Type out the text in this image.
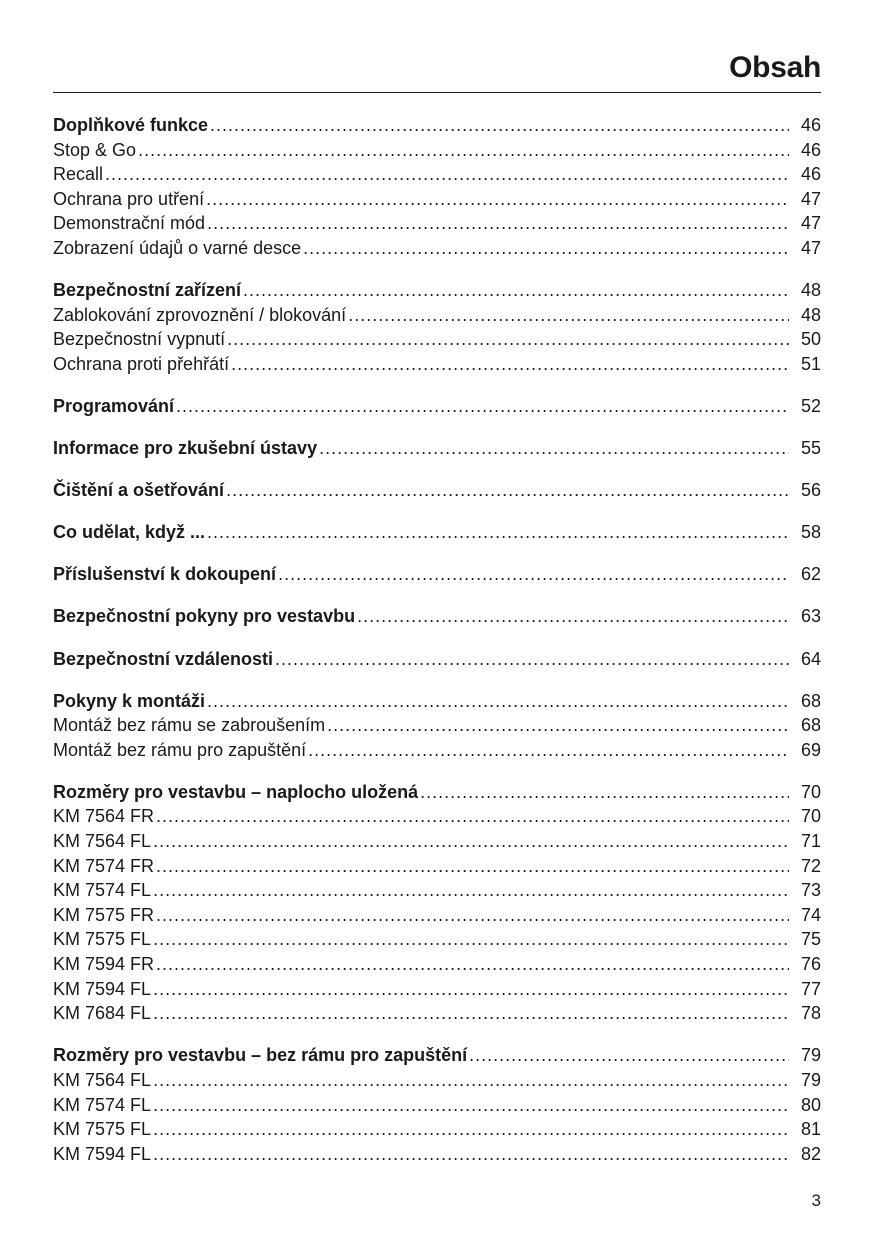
Obsah
Doplňkové funkce .....	46
Stop & Go .....	46
Recall .....	46
Ochrana pro utření .....	47
Demonstrační mód .....	47
Zobrazení údajů o varné desce .....	47
Bezpečnostní zařízení .....	48
Zablokování zprovoznění / blokování .....	48
Bezpečnostní vypnutí .....	50
Ochrana proti přehřátí .....	51
Programování .....	52
Informace pro zkušební ústavy .....	55
Čištění a ošetřování .....	56
Co udělat, když ... .....	58
Příslušenství k dokoupení .....	62
Bezpečnostní pokyny pro vestavbu .....	63
Bezpečnostní vzdálenosti .....	64
Pokyny k montáži .....	68
Montáž bez rámu se zabroušením .....	68
Montáž bez rámu pro zapuštění .....	69
Rozměry pro vestavbu – naplocho uložená .....	70
KM 7564 FR .....	70
KM 7564 FL .....	71
KM 7574 FR .....	72
KM 7574 FL .....	73
KM 7575 FR .....	74
KM 7575 FL .....	75
KM 7594 FR .....	76
KM 7594 FL .....	77
KM 7684 FL .....	78
Rozměry pro vestavbu – bez rámu pro zapuštění .....	79
KM 7564 FL .....	79
KM 7574 FL .....	80
KM 7575 FL .....	81
KM 7594 FL .....	82
3
